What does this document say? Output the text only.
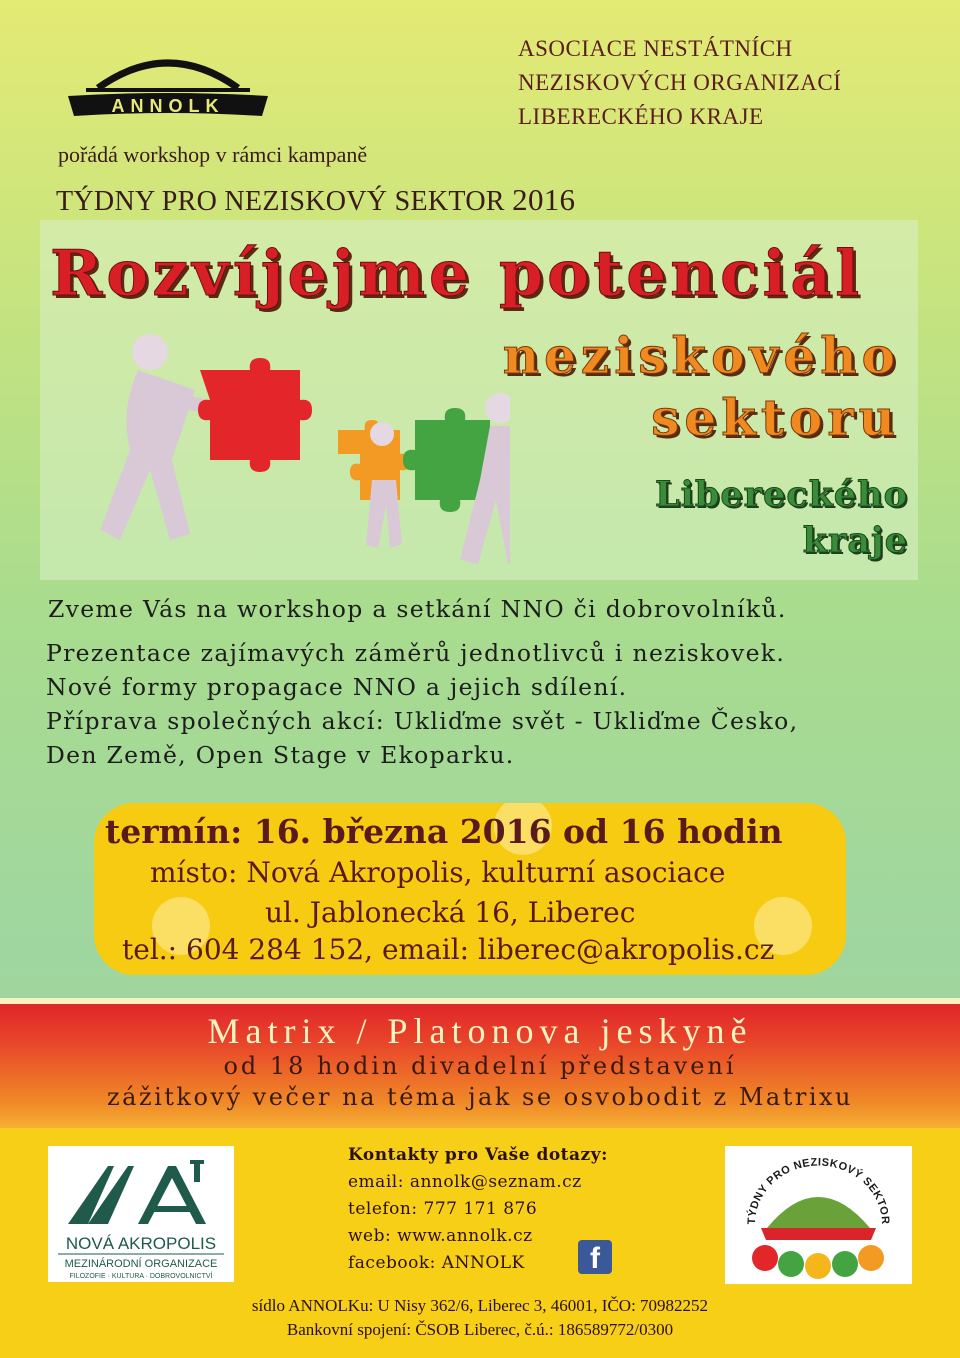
ANNOLK
ASOCIACE NESTÁTNÍCH
NEZISKOVÝCH ORGANIZACÍ
LIBERECKÉHO KRAJE
pořádá workshop v rámci kampaně
TÝDNY PRO NEZISKOVÝ SEKTOR 2016
Rozvíjejme potenciál
neziskového
sektoru
Libereckého
kraje
Zveme Vás na workshop a setkání NNO či dobrovolníků.
Prezentace zajímavých záměrů jednotlivců i neziskovek.
Nové formy propagace NNO a jejich sdílení.
Příprava společných akcí: Ukliďme svět - Ukliďme Česko,
Den Země, Open Stage v Ekoparku.
termín: 16. března 2016 od 16 hodin
místo: Nová Akropolis, kulturní asociace
ul. Jablonecká 16, Liberec
tel.: 604 284 152, email: liberec@akropolis.cz
Matrix / Platonova jeskyně
od 18 hodin divadelní představení
zážitkový večer na téma jak se osvobodit z Matrixu
NOVÁ AKROPOLIS
MEZINÁRODNÍ ORGANIZACE
FILOZOFIE · KULTURA · DOBROVOLNICTVÍ
Kontakty pro Vaše dotazy:
email: annolk@seznam.cz
telefon: 777 171 876
web: www.annolk.cz
facebook: ANNOLK	f
TÝDNY PRO NEZISKOVÝ SEKTOR
sídlo ANNOLKu: U Nisy 362/6, Liberec 3, 46001, IČO: 70982252
Bankovní spojení: ČSOB Liberec, č.ú.: 186589772/0300
